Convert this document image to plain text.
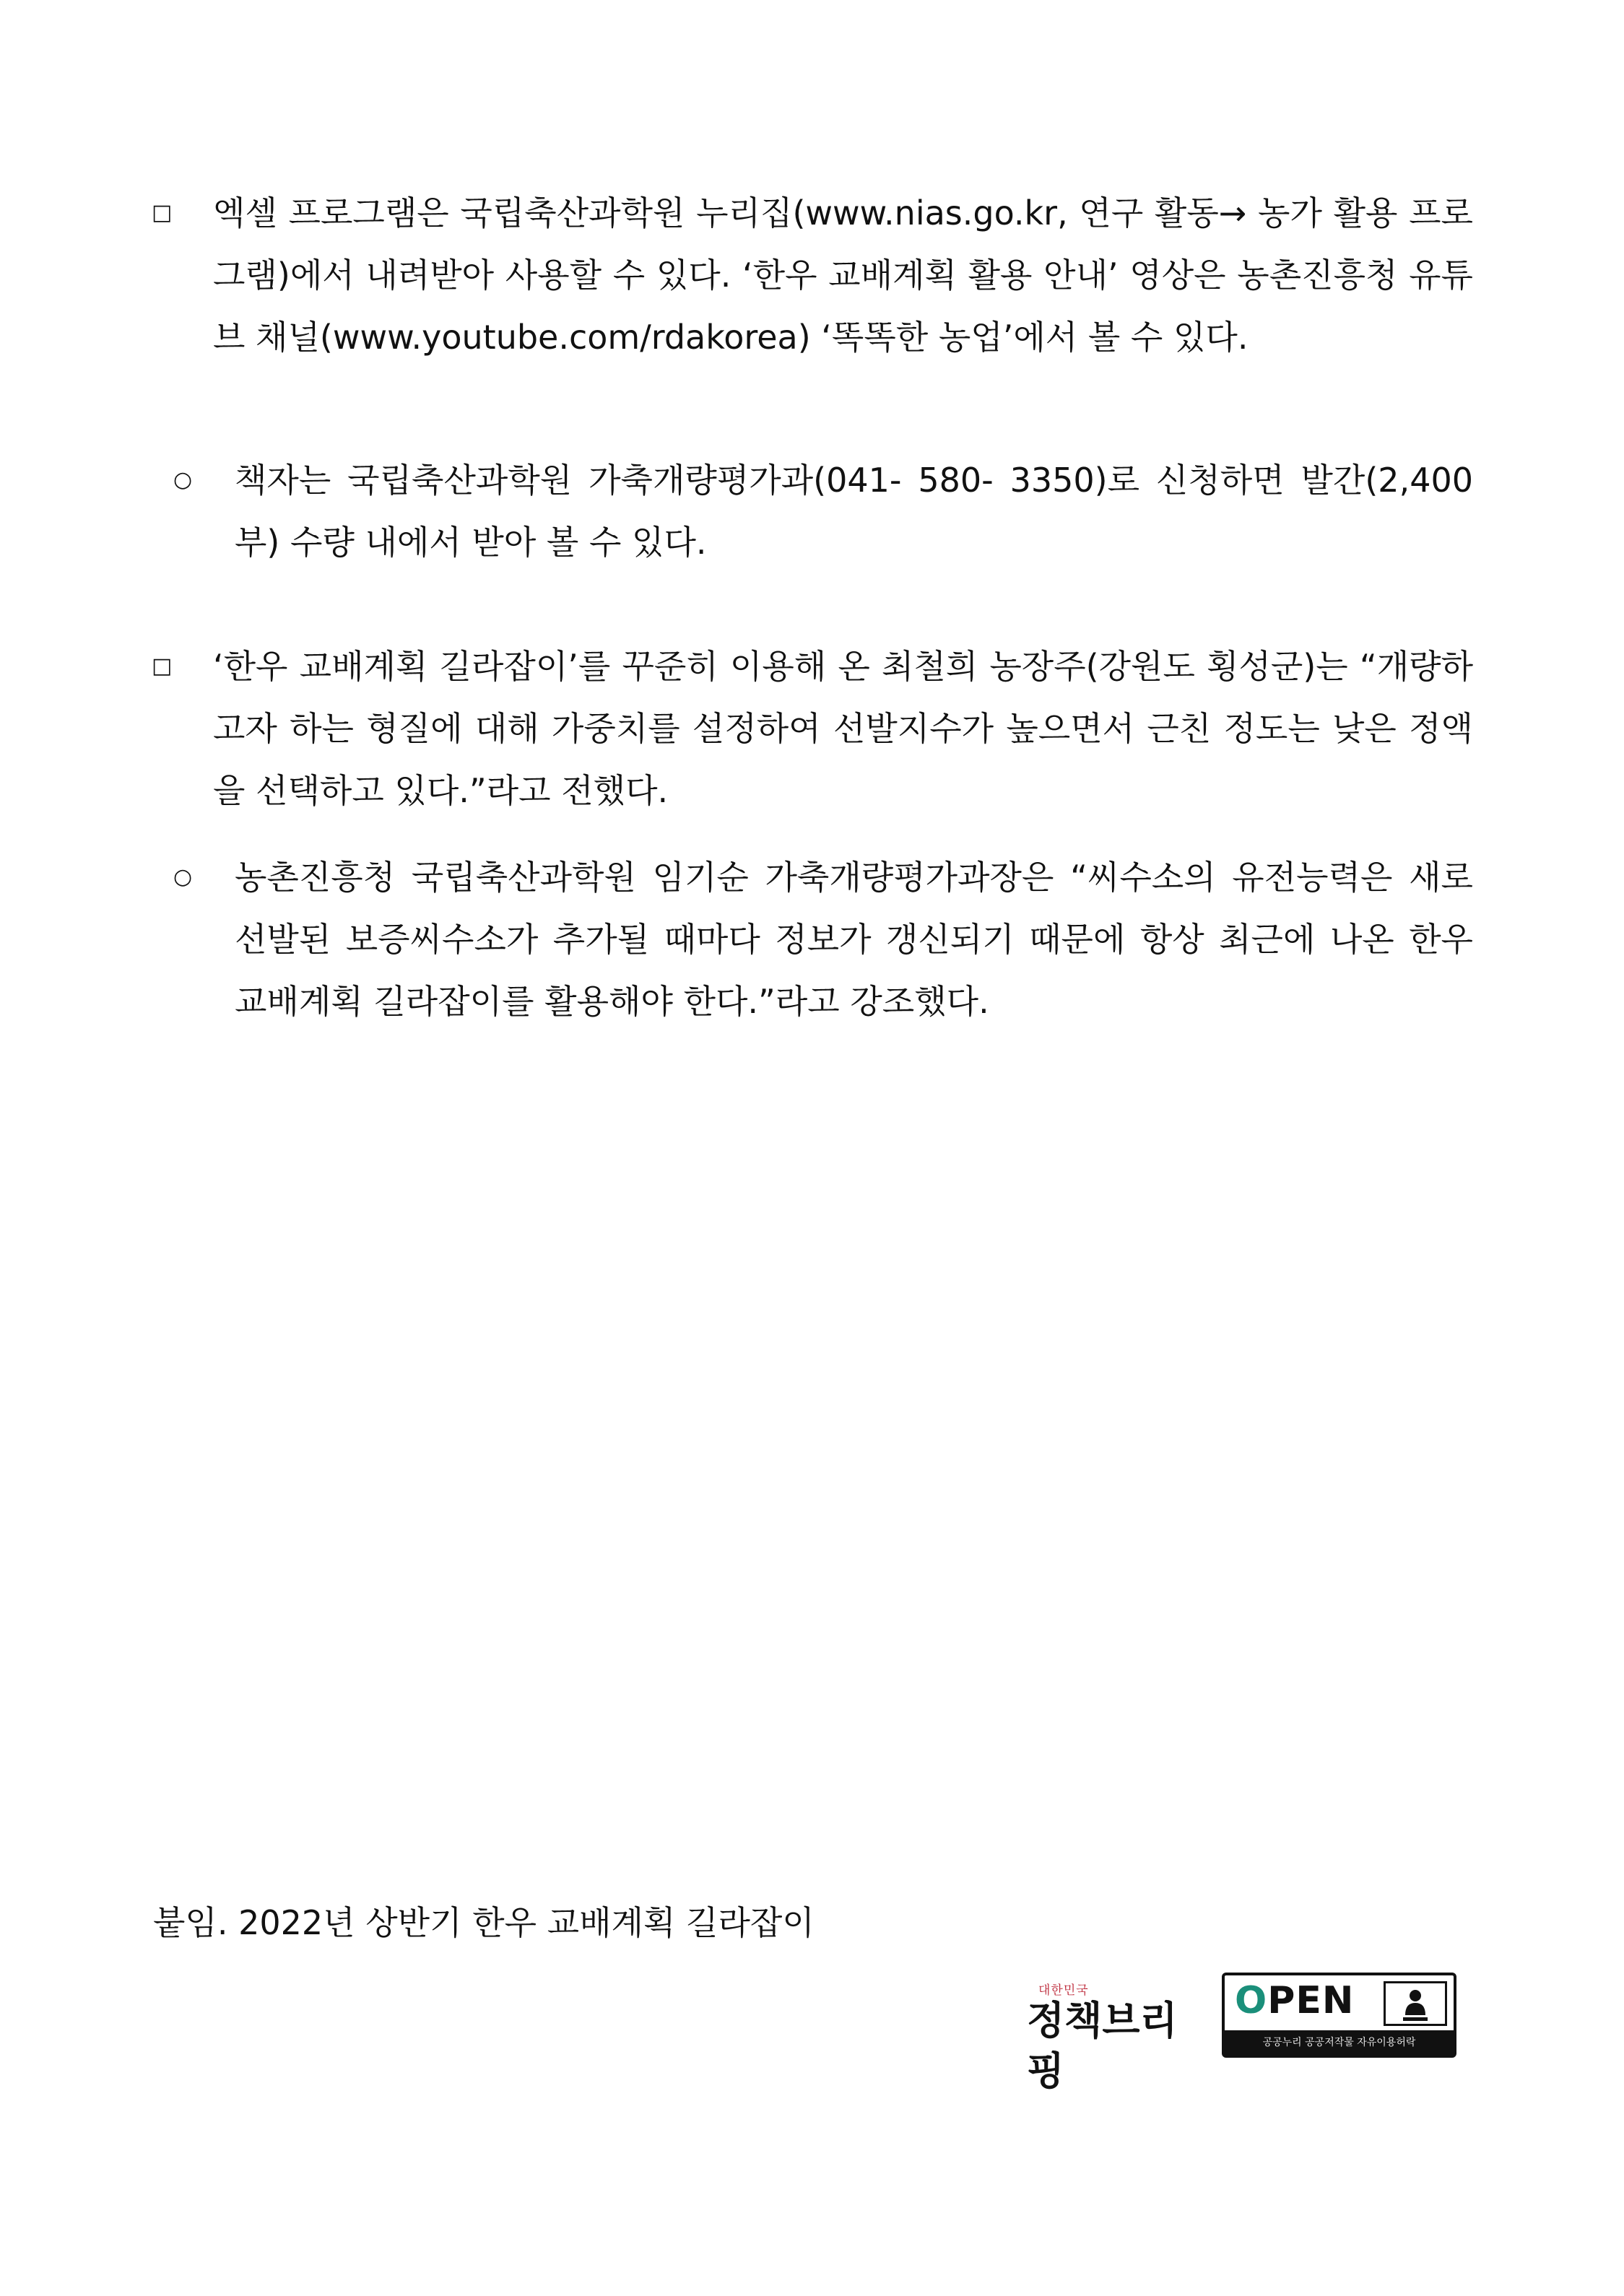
□	엑셀 프로그램은 국립축산과학원 누리집(www.nias.go.kr, 연구 활동→ 농가 활용 프로그램)에서 내려받아 사용할 수 있다. ‘한우 교배계획 활용 안내’ 영상은 농촌진흥청 유튜브 채널(www.youtube.com/rdakorea) ‘똑똑한 농업’에서 볼 수 있다.
○	책자는 국립축산과학원 가축개량평가과(041- 580- 3350)로 신청하면 발간(2,400부) 수량 내에서 받아 볼 수 있다.
□	‘한우 교배계획 길라잡이’를 꾸준히 이용해 온 최철희 농장주(강원도 횡성군)는 “개량하고자 하는 형질에 대해 가중치를 설정하여 선발지수가 높으면서 근친 정도는 낮은 정액을 선택하고 있다.”라고 전했다.
○	농촌진흥청 국립축산과학원 임기순 가축개량평가과장은 “씨수소의 유전능력은 새로 선발된 보증씨수소가 추가될 때마다 정보가 갱신되기 때문에 항상 최근에 나온 한우 교배계획 길라잡이를 활용해야 한다.”라고 강조했다.
붙임. 2022년 상반기 한우 교배계획 길라잡이
대한민국
정책브리핑
OPEN
공공누리 공공저작물 자유이용허락
